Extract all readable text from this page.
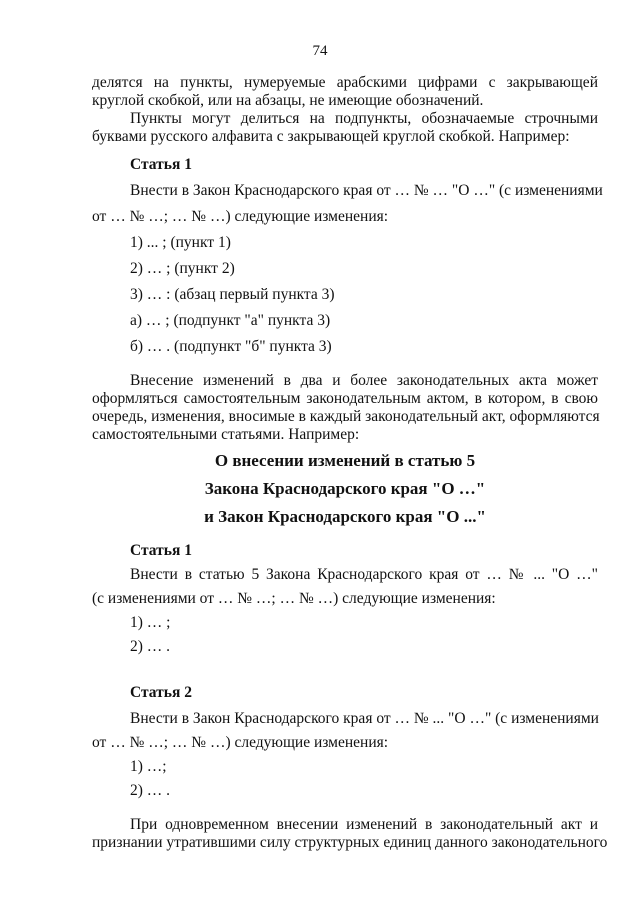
74
делятся на пункты, нумеруемые арабскими цифрами с закрывающей
круглой скобкой, или на абзацы, не имеющие обозначений.
Пункты могут делиться на подпункты, обозначаемые строчными
буквами русского алфавита с закрывающей круглой скобкой. Например:
Статья 1
Внести в Закон Краснодарского края от … № … "О …" (с изменениями
от … № …; … № …) следующие изменения:
1) ... ; (пункт 1)
2) … ; (пункт 2)
3) … : (абзац первый пункта 3)
а) … ; (подпункт "а" пункта 3)
б) … . (подпункт "б" пункта 3)
Внесение изменений в два и более законодательных акта может
оформляться самостоятельным законодательным актом, в котором, в свою
очередь, изменения, вносимые в каждый законодательный акт, оформляются
самостоятельными статьями. Например:
О внесении изменений в статью 5
Закона Краснодарского края "О …"
и Закон Краснодарского края "О ..."
Статья 1
Внести в статью 5 Закона Краснодарского края от … № ... "О …"
(с изменениями от … № …; … № …) следующие изменения:
1) … ;
2) … .
Статья 2
Внести в Закон Краснодарского края от … № ... "О …" (с изменениями
от … № …; … № …) следующие изменения:
1) …;
2) … .
При одновременном внесении изменений в законодательный акт и
признании утратившими силу структурных единиц данного законодательного
